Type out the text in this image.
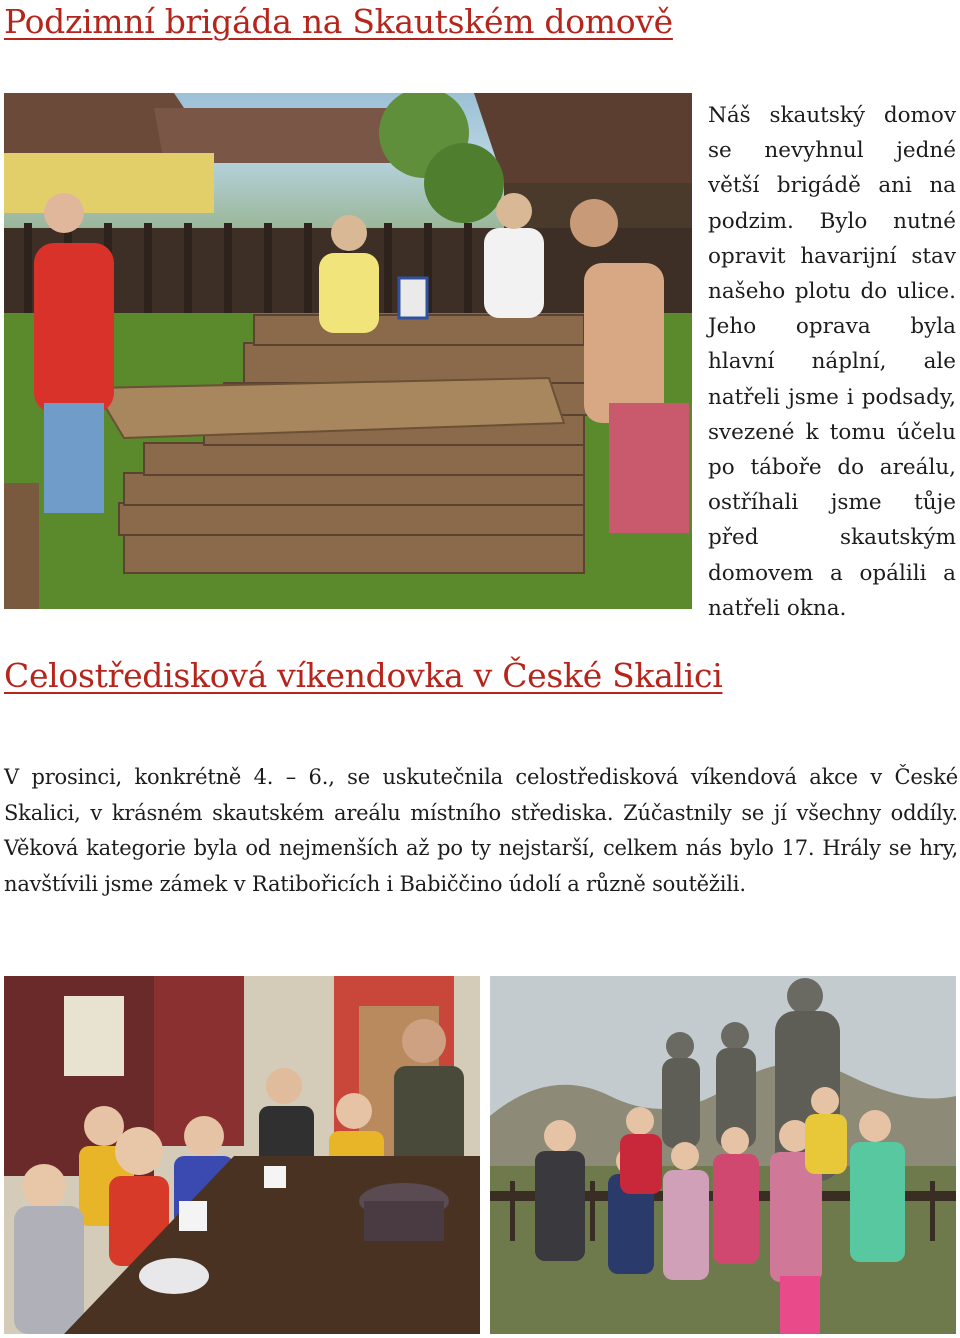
Podzimní brigáda na Skautském domově

Náš skautský domov se nevyhnul jedné větší brigádě ani na podzim. Bylo nutné opravit havarijní stav našeho plotu do ulice. Jeho oprava byla hlavní náplní, ale natřeli jsme i podsady, svezené k tomu účelu po táboře do areálu, ostříhali jsme tůje před skautským domovem a opálili a natřeli okna.

Celostředisková víkendovka v České Skalici

V prosinci, konkrétně 4. – 6., se uskutečnila celostředisková víkendová akce v České Skalici, v krásném skautském areálu místního střediska. Zúčastnily se jí všechny oddíly. Věková kategorie byla od nejmenších až po ty nejstarší, celkem nás bylo 17. Hrály se hry, navštívili jsme zámek v Ratibořicích i Babiččino údolí a různě soutěžili.
